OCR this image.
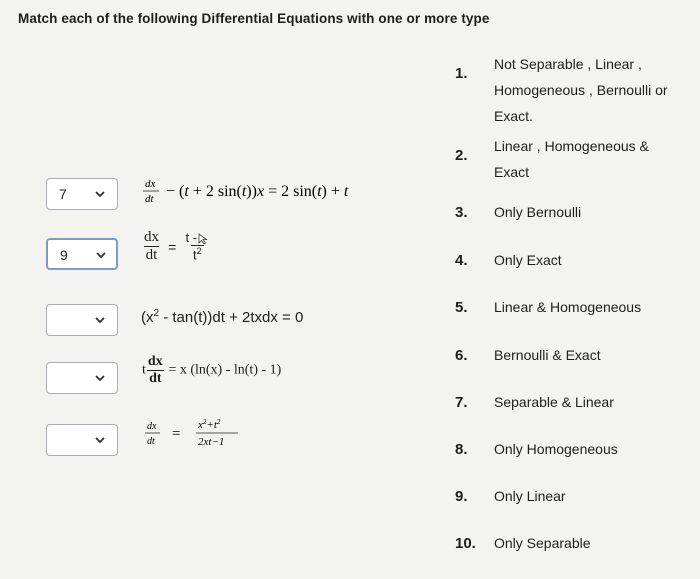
Match each of the following Differential Equations with one or more type
7
9
dx
dt − (t + 2 sin(t))x = 2 sin(t) + t
$\frac{dx}{dt} = \frac{t -}{t^2}$
$(x^2 - \tan(t))dt$ + 2txdx = 0
t $\frac{dx}{dt} = x$ (ln(x) - ln(t) - 1)
dx
dt =
$x^2+t^2$
2xt−1
1.
Not Separable , Linear , Homogeneous , Bernoulli or Exact.
2.
Linear , Homogeneous & Exact
3. Only Bernoulli
4. Only Exact
5. Linear & Homogeneous
6. Bernoulli & Exact
7. Separable & Linear
8. Only Homogeneous
9. Only Linear
10. Only Separable
